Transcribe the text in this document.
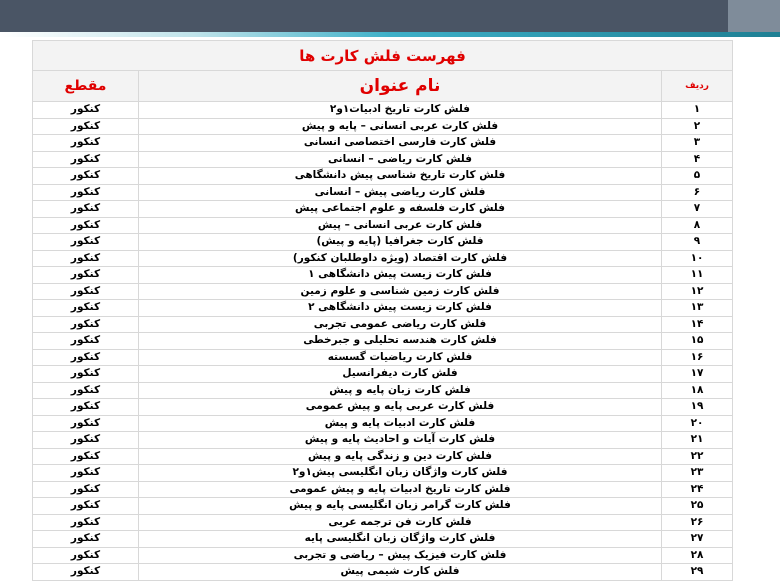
فهرست فلش کارت ها		
مقطع	نام عنوان	ردیف
کنکور	فلش کارت تاریخ ادبیات۱و۲	۱
کنکور	فلش کارت عربی انسانی – پایه و پیش	۲
کنکور	فلش کارت فارسی اختصاصی انسانی	۳
کنکور	فلش کارت ریاضی – انسانی	۴
کنکور	فلش کارت تاریخ شناسی پیش دانشگاهی	۵
کنکور	فلش کارت ریاضی پیش – انسانی	۶
کنکور	فلش کارت فلسفه و علوم اجتماعی پیش	۷
کنکور	فلش کارت عربی انسانی – پیش	۸
کنکور	فلش کارت جغرافیا (پایه و پیش)	۹
کنکور	فلش کارت اقتصاد (ویژه داوطلبان کنکور)	۱۰
کنکور	فلش کارت زیست پیش دانشگاهی ۱	۱۱
کنکور	فلش کارت زمین شناسی و علوم زمین	۱۲
کنکور	فلش کارت زیست پیش دانشگاهی ۲	۱۳
کنکور	فلش کارت ریاضی عمومی تجربی	۱۴
کنکور	فلش کارت هندسه تحلیلی و جبرخطی	۱۵
کنکور	فلش کارت ریاضیات گسسته	۱۶
کنکور	فلش کارت دیفرانسیل	۱۷
کنکور	فلش کارت زبان پایه و پیش	۱۸
کنکور	فلش کارت عربی پایه و پیش عمومی	۱۹
کنکور	فلش کارت ادبیات پایه و پیش	۲۰
کنکور	فلش کارت آیات و احادیث پایه و پیش	۲۱
کنکور	فلش کارت دین و زندگی پایه و پیش	۲۲
کنکور	فلش کارت واژگان زبان انگلیسی پیش۱و۲	۲۳
کنکور	فلش کارت تاریخ ادبیات پایه و پیش عمومی	۲۴
کنکور	فلش کارت گرامر زبان انگلیسی پایه و پیش	۲۵
کنکور	فلش کارت فن ترجمه عربی	۲۶
کنکور	فلش کارت واژگان زبان انگلیسی پایه	۲۷
کنکور	فلش کارت فیزیک پیش – ریاضی و تجربی	۲۸
کنکور	فلش کارت شیمی پیش	۲۹
